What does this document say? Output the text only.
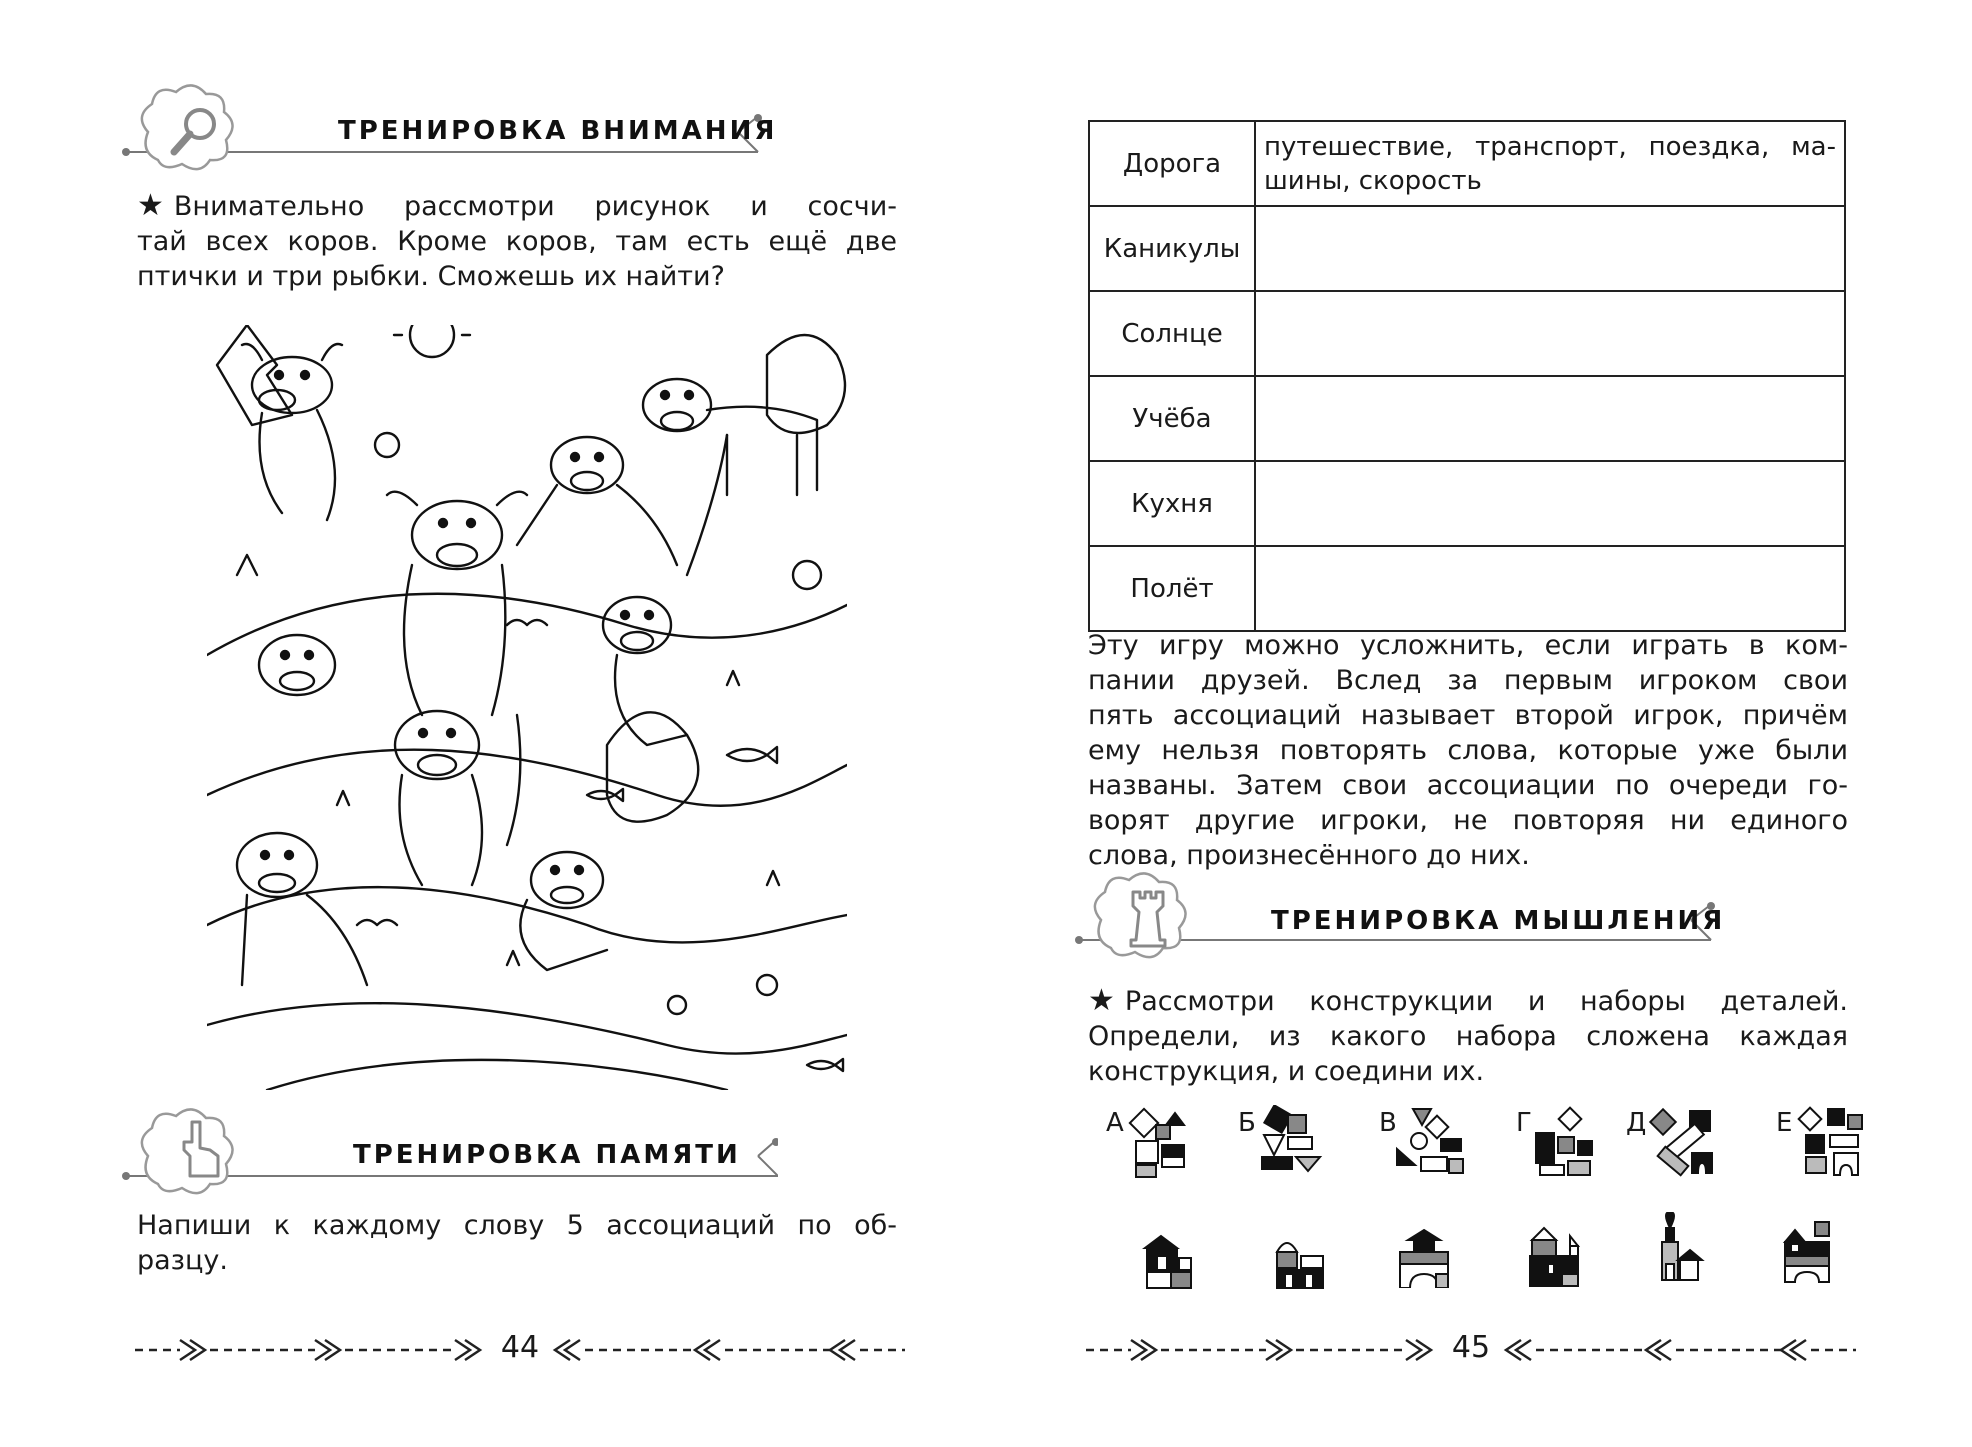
ТРЕНИРОВКА ВНИМАНИЯ
★ Внимательно рассмотри рисунок и сосчи-
тай всех коров. Кроме коров, там есть ещё две
птички и три рыбки. Сможешь их найти?
ТРЕНИРОВКА ПАМЯТИ
Напиши к каждому слову 5 ассоциаций по об-
разцу.
44
Дорога	путешествие, транспорт, поездка, ма-
шины, скорость

Каникулы	
Солнце	
Учёба	
Кухня	
Полёт	
Эту игру можно усложнить, если играть в ком-
пании друзей. Вслед за первым игроком свои
пять ассоциаций называет второй игрок, причём
ему нельзя повторять слова, которые уже были
названы. Затем свои ассоциации по очереди го-
ворят другие игроки, не повторяя ни единого
слова, произнесённого до них.
ТРЕНИРОВКА МЫШЛЕНИЯ
★ Рассмотри конструкции и наборы деталей.
Определи, из какого набора сложена каждая
конструкция, и соедини их.
А	Б	В	Г	Д	Е
45
